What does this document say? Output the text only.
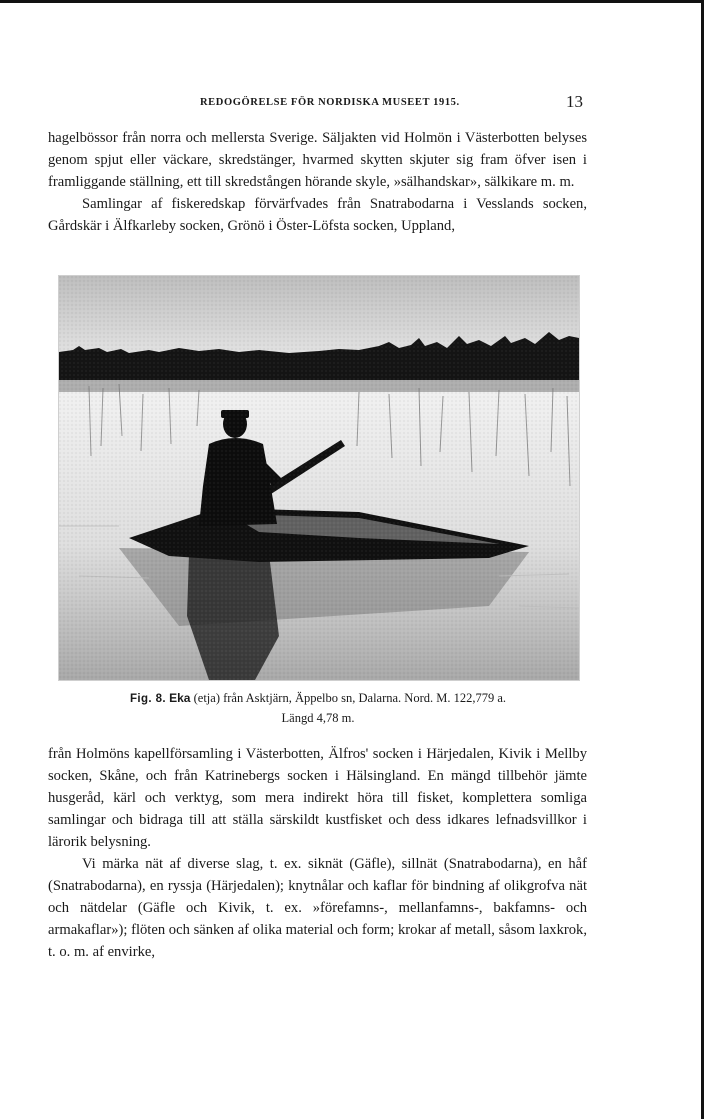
REDOGÖRELSE FÖR NORDISKA MUSEET 1915.	13

hagelbössor från norra och mellersta Sverige. Säljakten vid Holmön i Västerbotten belyses genom spjut eller väckare, skredstänger, hvarmed skytten skjuter sig fram öfver isen i framliggande ställning, ett till skredstången hörande skyle, »sälhandskar», sälkikare m. m.

Samlingar af fiskeredskap förvärfvades från Snatrabodarna i Vesslands socken, Gårdskär i Älfkarleby socken, Grönö i Öster-Löfsta socken, Uppland,

Fig. 8. Eka (etja) från Asktjärn, Äppelbo sn, Dalarna. Nord. M. 122,779 a.
Längd 4,78 m.

från Holmöns kapellförsamling i Västerbotten, Älfros' socken i Härjedalen, Kivik i Mellby socken, Skåne, och från Katrinebergs socken i Hälsingland. En mängd tillbehör jämte husgeråd, kärl och verktyg, som mera indirekt höra till fisket, komplettera somliga samlingar och bidraga till att ställa särskildt kustfisket och dess idkares lefnadsvillkor i lärorik belysning.

Vi märka nät af diverse slag, t. ex. siknät (Gäfle), sillnät (Snatrabodarna), en håf (Snatrabodarna), en ryssja (Härjedalen); knytnålar och kaflar för bindning af olikgrofva nät och nätdelar (Gäfle och Kivik, t. ex. »förefamns-, mellanfamns-, bakfamns- och armakaflar»); flöten och sänken af olika material och form; krokar af metall, såsom laxkrok, t. o. m. af envirke,
